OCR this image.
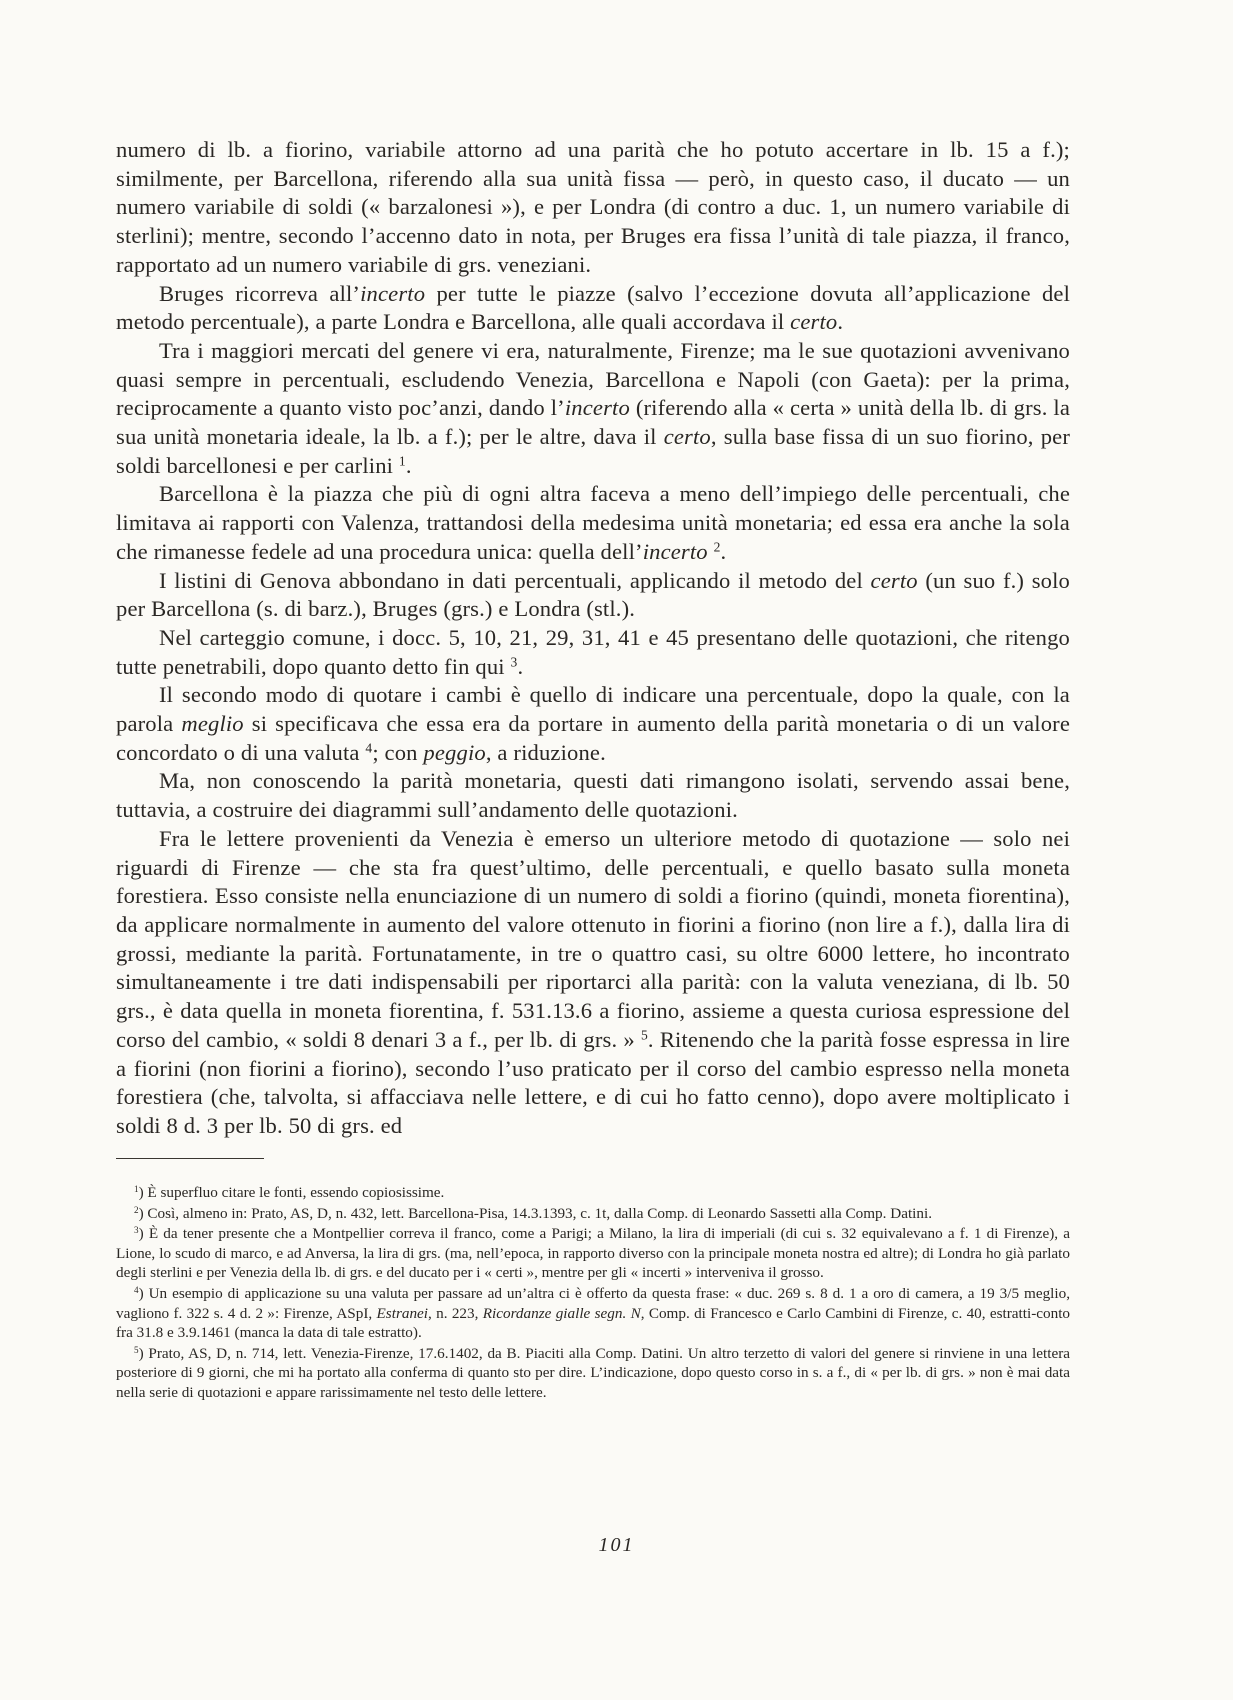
numero di lb. a fiorino, variabile attorno ad una parità che ho potuto accertare in lb. 15 a f.); similmente, per Barcellona, riferendo alla sua unità fissa — però, in questo caso, il ducato — un numero variabile di soldi (« barzalonesi »), e per Londra (di contro a duc. 1, un numero variabile di sterlini); mentre, secondo l’accenno dato in nota, per Bruges era fissa l’unità di tale piazza, il franco, rapportato ad un numero variabile di grs. veneziani.

Bruges ricorreva all’incerto per tutte le piazze (salvo l’eccezione dovuta all’applicazione del metodo percentuale), a parte Londra e Barcellona, alle quali accordava il certo.

Tra i maggiori mercati del genere vi era, naturalmente, Firenze; ma le sue quotazioni avvenivano quasi sempre in percentuali, escludendo Venezia, Barcellona e Napoli (con Gaeta): per la prima, reciprocamente a quanto visto poc’anzi, dando l’incerto (riferendo alla « certa » unità della lb. di grs. la sua unità monetaria ideale, la lb. a f.); per le altre, dava il certo, sulla base fissa di un suo fiorino, per soldi barcellonesi e per carlini $^1$.

Barcellona è la piazza che più di ogni altra faceva a meno dell’impiego delle percentuali, che limitava ai rapporti con Valenza, trattandosi della medesima unità monetaria; ed essa era anche la sola che rimanesse fedele ad una procedura unica: quella dell’incerto $^2$.

I listini di Genova abbondano in dati percentuali, applicando il metodo del certo (un suo f.) solo per Barcellona (s. di barz.), Bruges (grs.) e Londra (stl.).

Nel carteggio comune, i docc. 5, 10, 21, 29, 31, 41 e 45 presentano delle quotazioni, che ritengo tutte penetrabili, dopo quanto detto fin qui $^3$.

Il secondo modo di quotare i cambi è quello di indicare una percentuale, dopo la quale, con la parola meglio si specificava che essa era da portare in aumento della parità monetaria o di un valore concordato o di una valuta $^4$; con peggio, a riduzione.

Ma, non conoscendo la parità monetaria, questi dati rimangono isolati, servendo assai bene, tuttavia, a costruire dei diagrammi sull’andamento delle quotazioni.

Fra le lettere provenienti da Venezia è emerso un ulteriore metodo di quotazione — solo nei riguardi di Firenze — che sta fra quest’ultimo, delle percentuali, e quello basato sulla moneta forestiera. Esso consiste nella enunciazione di un numero di soldi a fiorino (quindi, moneta fiorentina), da applicare normalmente in aumento del valore ottenuto in fiorini a fiorino (non lire a f.), dalla lira di grossi, mediante la parità. Fortunatamente, in tre o quattro casi, su oltre 6000 lettere, ho incontrato simultaneamente i tre dati indispensabili per riportarci alla parità: con la valuta veneziana, di lb. 50 grs., è data quella in moneta fiorentina, f. 531.13.6 a fiorino, assieme a questa curiosa espressione del corso del cambio, « soldi 8 denari 3 a f., per lb. di grs. » $^5$. Ritenendo che la parità fosse espressa in lire a fiorini (non fiorini a fiorino), secondo l’uso praticato per il corso del cambio espresso nella moneta forestiera (che, talvolta, si affacciava nelle lettere, e di cui ho fatto cenno), dopo avere moltiplicato i soldi 8 d. 3 per lb. 50 di grs. ed

$^1$) È superfluo citare le fonti, essendo copiosissime.

$^2$) Così, almeno in: Prato, AS, D, n. 432, lett. Barcellona-Pisa, 14.3.1393, c. 1t, dalla Comp. di Leonardo Sassetti alla Comp. Datini.

$^3$) È da tener presente che a Montpellier correva il franco, come a Parigi; a Milano, la lira di imperiali (di cui s. 32 equivalevano a f. 1 di Firenze), a Lione, lo scudo di marco, e ad Anversa, la lira di grs. (ma, nell’epoca, in rapporto diverso con la principale moneta nostra ed altre); di Londra ho già parlato degli sterlini e per Venezia della lb. di grs. e del ducato per i « certi », mentre per gli « incerti » interveniva il grosso.

$^4$) Un esempio di applicazione su una valuta per passare ad un’altra ci è offerto da questa frase: « duc. 269 s. 8 d. 1 a oro di camera, a 19 3/5 meglio, vagliono f. 322 s. 4 d. 2 »: Firenze, ASpI, Estranei, n. 223, Ricordanze gialle segn. N, Comp. di Francesco e Carlo Cambini di Firenze, c. 40, estratti-conto fra 31.8 e 3.9.1461 (manca la data di tale estratto).

$^5$) Prato, AS, D, n. 714, lett. Venezia-Firenze, 17.6.1402, da B. Piaciti alla Comp. Datini. Un altro terzetto di valori del genere si rinviene in una lettera posteriore di 9 giorni, che mi ha portato alla conferma di quanto sto per dire. L’indicazione, dopo questo corso in s. a f., di « per lb. di grs. » non è mai data nella serie di quotazioni e appare rarissimamente nel testo delle lettere.

101
